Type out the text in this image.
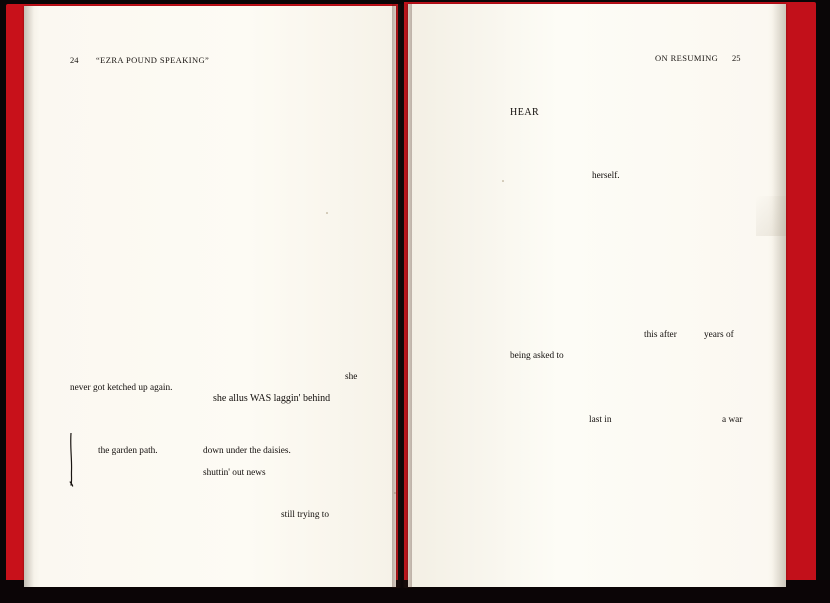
24 “EZRA POUND SPEAKING”
she
never got ketched up again.
she allus WAS laggin' behind
the garden path.	down under the daisies.
shuttin' out news
still trying to
ON RESUMING 25
HEAR
herself.
this after	years of
being asked to
last in	a war
